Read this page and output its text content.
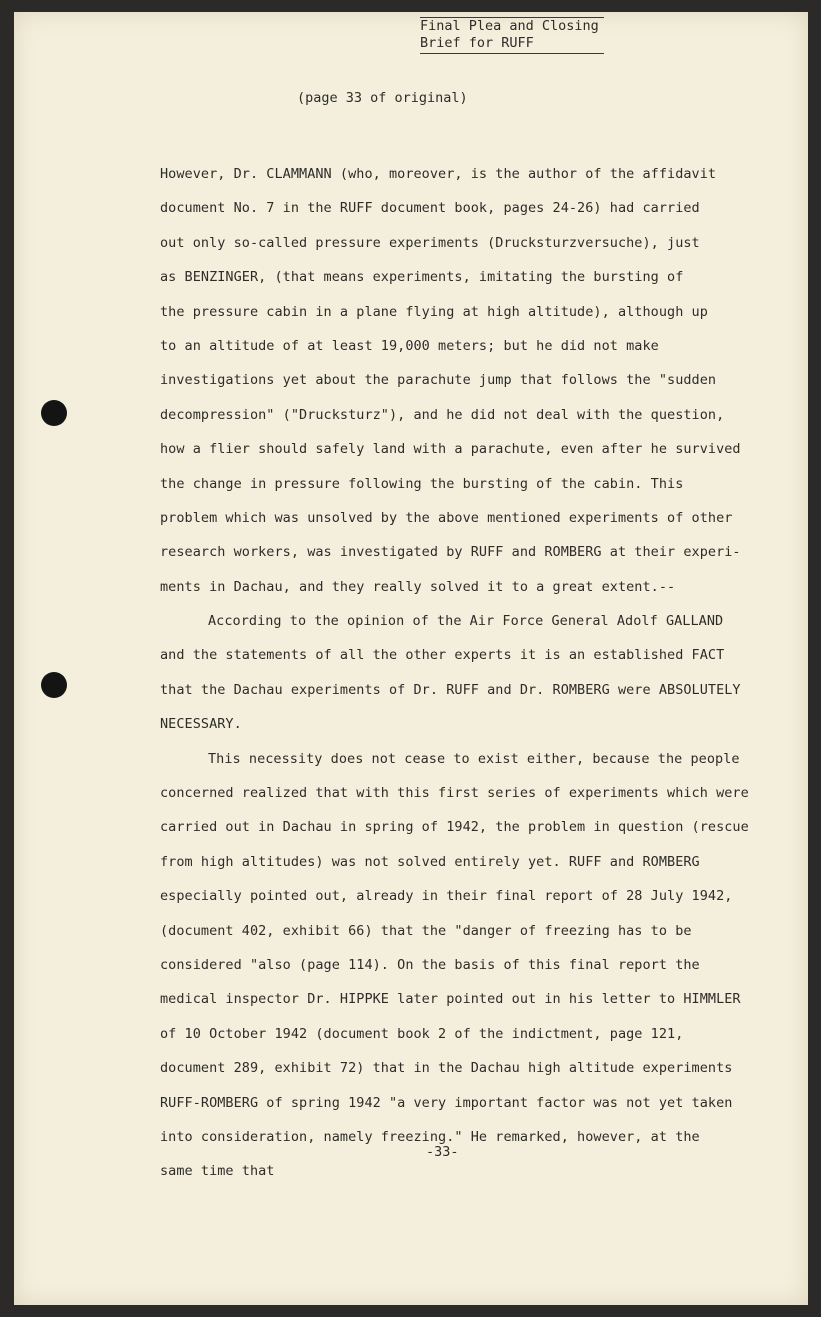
Final Plea and Closing
Brief for RUFF
(page 33 of original)
However, Dr. CLAMMANN (who, moreover, is the author of the affidavit
document No. 7 in the RUFF document book, pages 24-26) had carried
out only so-called pressure experiments (Drucksturzversuche), just
as BENZINGER, (that means experiments, imitating the bursting of
the pressure cabin in a plane flying at high altitude), although up
to an altitude of at least 19,000 meters; but he did not make
investigations yet about the parachute jump that follows the "sudden
decompression" ("Drucksturz"), and he did not deal with the question,
how a flier should safely land with a parachute, even after he survived
the change in pressure following the bursting of the cabin. This
problem which was unsolved by the above mentioned experiments of other
research workers, was investigated by RUFF and ROMBERG at their experi-
ments in Dachau, and they really solved it to a great extent.--
According to the opinion of the Air Force General Adolf GALLAND
and the statements of all the other experts it is an established FACT
that the Dachau experiments of Dr. RUFF and Dr. ROMBERG were ABSOLUTELY
NECESSARY.
This necessity does not cease to exist either, because the people
concerned realized that with this first series of experiments which were
carried out in Dachau in spring of 1942, the problem in question (rescue
from high altitudes) was not solved entirely yet. RUFF and ROMBERG
especially pointed out, already in their final report of 28 July 1942,
(document 402, exhibit 66) that the "danger of freezing has to be
considered "also (page 114). On the basis of this final report the
medical inspector Dr. HIPPKE later pointed out in his letter to HIMMLER
of 10 October 1942 (document book 2 of the indictment, page 121,
document 289, exhibit 72) that in the Dachau high altitude experiments
RUFF-ROMBERG of spring 1942 "a very important factor was not yet taken
into consideration, namely freezing." He remarked, however, at the
same time that
-33-
